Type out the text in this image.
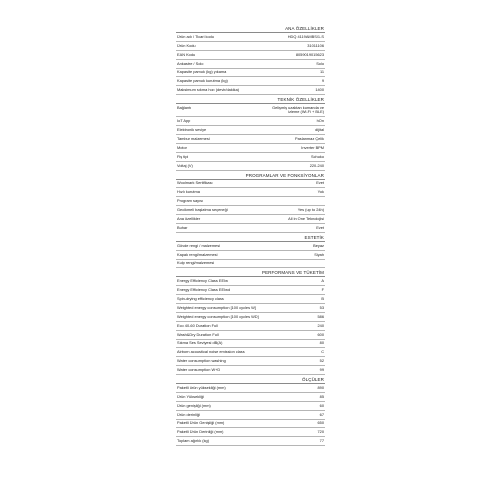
ANA ÖZELLİKLER
Ürün adı / Ticari kodu	HDQ 4119AMBS/1-S
Ürün Kodu	31011106
EAN Kodu	8059019015623
Ankastre / Solo	Solo
Kapasite pamuk (kg) yıkama	11
Kapasite pamuk kurutma (kg)	9
Maksimum sıkma hızı (devir/dakika)	1400
TEKNİK ÖZELLİKLER
Bağlantı	Gelişmiş uzaktan kumanda ve izleme (Wi-Fi + BLE)
IoT App	hOn
Elektronik seviye	dijital
Tambur malzemesi	Paslanmaz Çelik
Motor	Inverter BPM
Fiş tipi	Schuko
Voltaj (V)	220-240
PROGRAMLAR VE FONKSİYONLAR
Woolmark Sertifikası	Evet
Hızlı kurutma	Yok
Program sayısı
Gecikmeli başlatma seçeneği	Yes (up to 24h)
Ana özellikler	All in One Teknolojisi
Buhar	Evet
ESTETİK
Gövde rengi / malzemesi	Beyaz
Kapak rengi/malzemesi	Siyah
Kulp rengi/malzemesi
PERFORMANS VE TÜKETİM
Energy Efficiency Class EEIw	A
Energy Efficiency Class EEIwd	F
Spin-drying efficiency class	B
Weighted energy consumption [100 cycles W]	53
Weighted energy consumption [100 cycles WD]	586
Eco 40-60 Duration Full	240
Wash&Dry Duration Full	600
Sıkma Ses Seviyesi dB(A)	80
Airborn acoustical noise emission class	C
Water consumption washing	52
Water consumption W+D	99
ÖLÇÜLER
Paketli ürün yüksekliği (mm)	890
Ürün Yüksekliği	85
Ürün genişliği (mm)	60
Ürün derinliği	67
Paketli Ürün Genişliği (mm)	650
Paketli Ürün Derinliği (mm)	720
Toplam ağırlık (kg)	77
